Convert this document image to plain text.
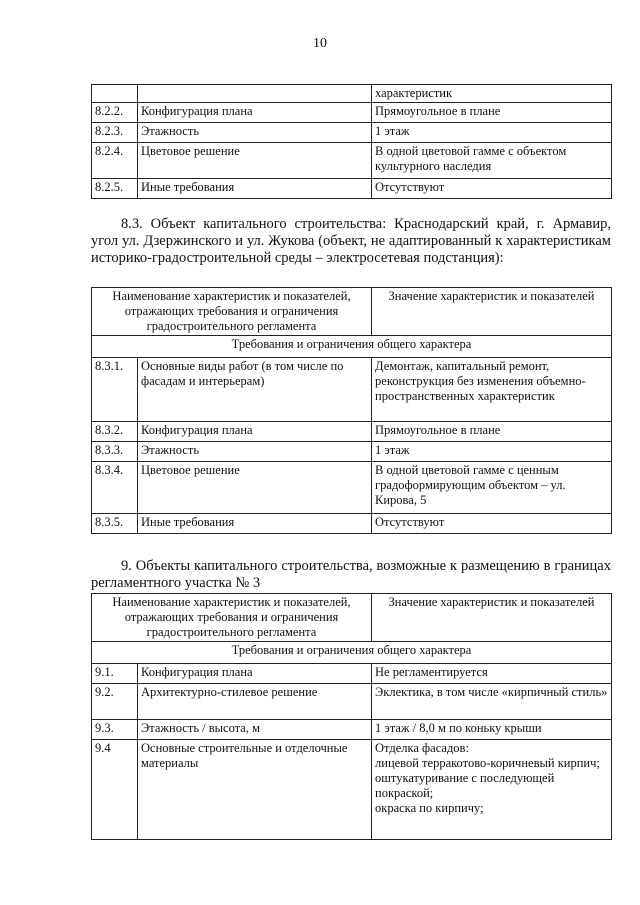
10
		характеристик
8.2.2.	Конфигурация плана	Прямоугольное в плане
8.2.3.	Этажность	1 этаж
8.2.4.	Цветовое решение	В одной цветовой гамме с объектом культурного наследия
8.2.5.	Иные требования	Отсутствуют
8.3. Объект капитального строительства: Краснодарский край, г. Армавир, угол ул. Дзержинского и ул. Жукова (объект, не адаптированный к характеристикам историко-градостроительной среды – электросетевая подстанция):
Наименование характеристик и показателей, отражающих требования и ограничения градостроительного регламента		Значение характеристик и показателей
Требования и ограничения общего характера		
8.3.1.	Основные виды работ (в том числе по фасадам и интерьерам)	Демонтаж, капитальный ремонт, реконструкция без изменения объемно-пространственных характеристик
8.3.2.	Конфигурация плана	Прямоугольное в плане
8.3.3.	Этажность	1 этаж
8.3.4.	Цветовое решение	В одной цветовой гамме с ценным градоформирующим объектом – ул. Кирова, 5
8.3.5.	Иные требования	Отсутствуют
9. Объекты капитального строительства, возможные к размещению в границах регламентного участка № 3
Наименование характеристик и показателей, отражающих требования и ограничения градостроительного регламента		Значение характеристик и показателей
Требования и ограничения общего характера		
9.1.	Конфигурация плана	Не регламентируется
9.2.	Архитектурно-стилевое решение	Эклектика, в том числе «кирпичный стиль»
9.3.	Этажность / высота, м	1 этаж / 8,0 м по коньку крыши
9.4	Основные строительные и отделочные материалы	Отделка фасадов:
лицевой терракотово-коричневый кирпич;
оштукатуривание с последующей покраской;
окраска по кирпичу;
